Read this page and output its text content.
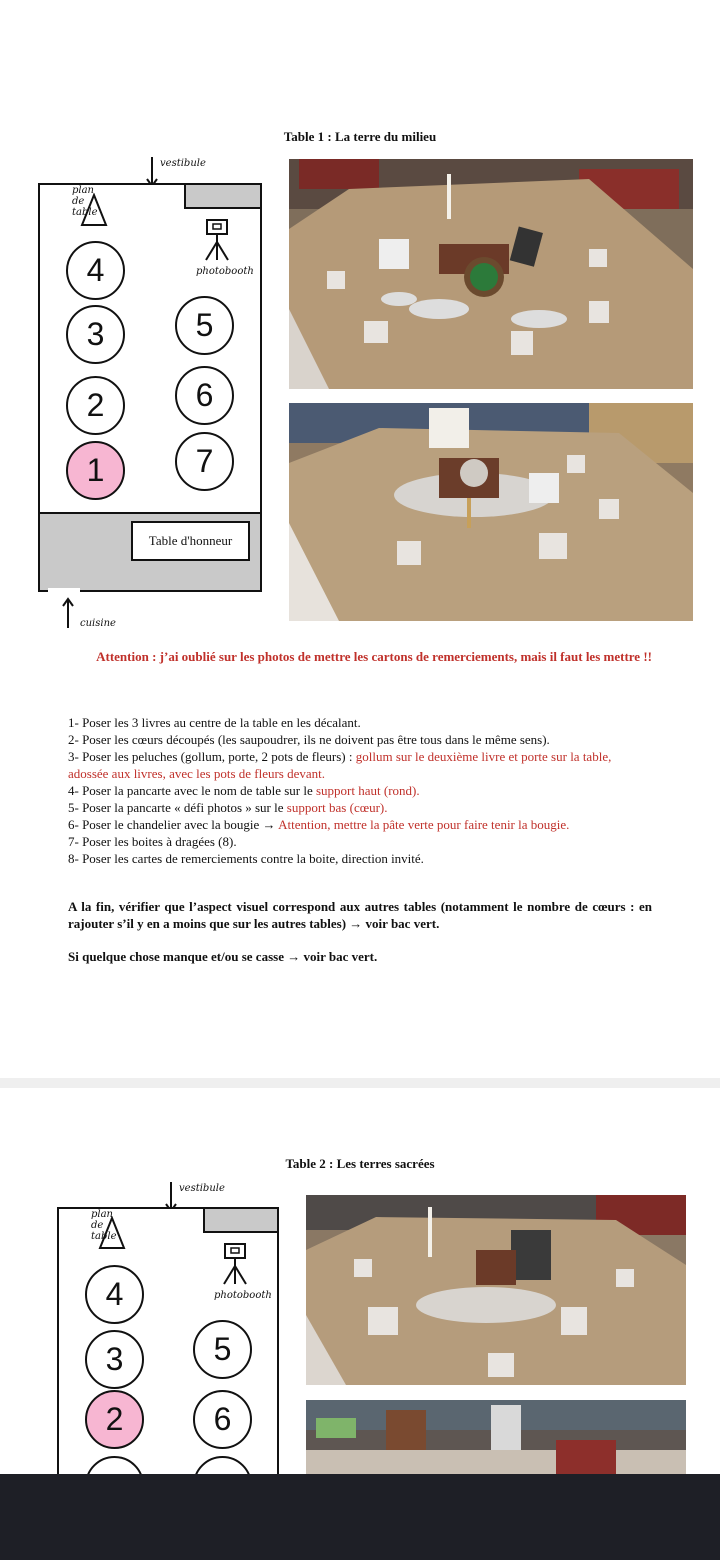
Table 1 : La terre du milieu
vestibule
Table d'honneur
plan de table
photobooth
4
3
2
1
5
6
7
cuisine
Attention : j’ai oublié sur les photos de mettre les cartons de remerciements, mais il faut les mettre !!
1- Poser les 3 livres au centre de la table en les décalant.
2- Poser les cœurs découpés (les saupoudrer, ils ne doivent pas être tous dans le même sens).
3- Poser les peluches (gollum, porte, 2 pots de fleurs) : gollum sur le deuxième livre et porte sur la table, adossée aux livres, avec les pots de fleurs devant.
4- Poser la pancarte avec le nom de table sur le support haut (rond).
5- Poser la pancarte « défi photos » sur le support bas (cœur).
6- Poser le chandelier avec la bougie → Attention, mettre la pâte verte pour faire tenir la bougie.
7- Poser les boites à dragées (8).
8- Poser les cartes de remerciements contre la boite, direction invité.
A la fin, vérifier que l’aspect visuel correspond aux autres tables (notamment le nombre de cœurs : en rajouter s’il y en a moins que sur les autres tables) → voir bac vert.
Si quelque chose manque et/ou se casse → voir bac vert.
Table 2 : Les terres sacrées
vestibule
plan de table
photobooth
4
3
2
5
6
